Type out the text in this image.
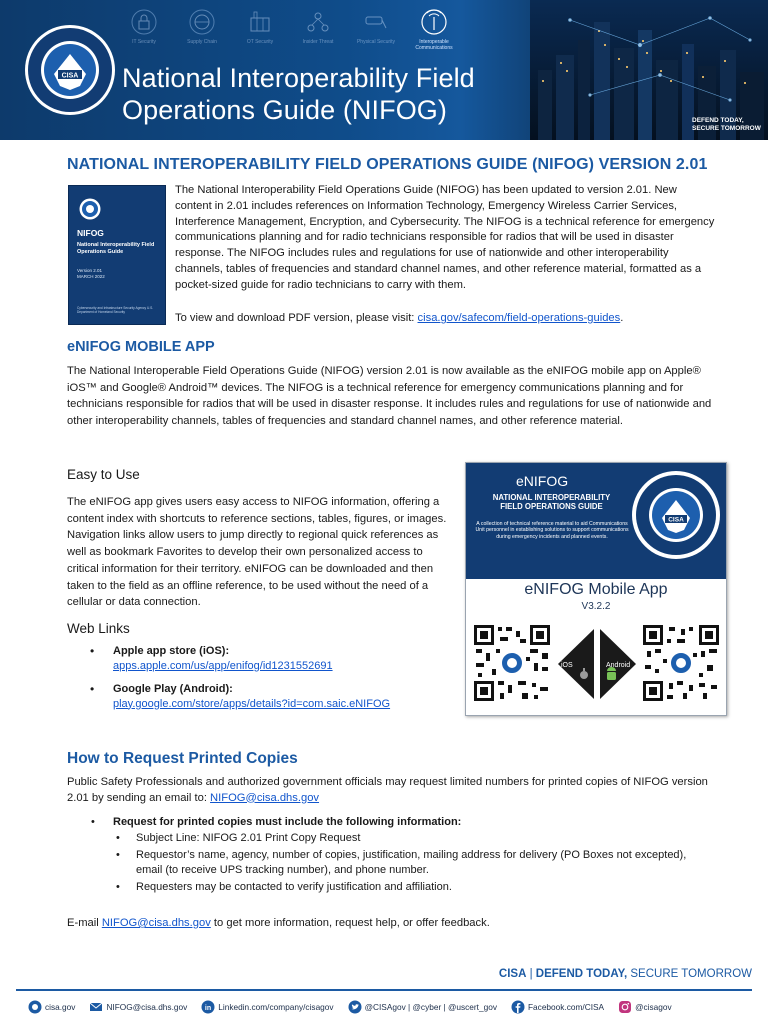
IT Security	Supply Chain	OT Security	Insider Threat	Physical Security	Interoperable Communications
CISA National Interoperability Field Operations Guide (NIFOG)	DEFEND TODAY,
SECURE TOMORROW
NATIONAL INTEROPERABILITY FIELD OPERATIONS GUIDE (NIFOG) VERSION 2.01
NIFOG
National Interoperability Field Operations Guide
Version 2.01
MARCH 2022
Cybersecurity and Infrastructure Security Agency U.S. Department of Homeland Security

The National Interoperability Field Operations Guide (NIFOG) has been updated to version 2.01. New content in 2.01 includes references on Information Technology, Emergency Wireless Carrier Services, Interference Management, Encryption, and Cybersecurity. The NIFOG is a technical reference for emergency communications planning and for radio technicians responsible for radios that will be used in disaster response. The NIFOG includes rules and regulations for use of nationwide and other interoperability channels, tables of frequencies and standard channel names, and other reference material, formatted as a pocket-sized guide for radio technicians to carry with them.

To view and download PDF version, please visit: cisa.gov/safecom/field-operations-guides.

eNIFOG MOBILE APP

The National Interoperable Field Operations Guide (NIFOG) version 2.01 is now available as the eNIFOG mobile app on Apple® iOS™ and Google® Android™ devices. The NIFOG is a technical reference for emergency communications planning and for technicians responsible for radios that will be used in disaster response. It includes rules and regulations for use of nationwide and other interoperability channels, tables of frequencies and standard channel names, and other reference material.

Easy to Use

The eNIFOG app gives users easy access to NIFOG information, offering a content index with shortcuts to reference sections, tables, figures, or images. Navigation links allow users to jump directly to regional quick references as well as bookmark Favorites to develop their own personalized access to critical information for their territory. eNIFOG can be downloaded and then taken to the field as an offline reference, to be used without the need of a cellular or data connection.

Web Links
• Apple app store (iOS):
apps.apple.com/us/app/enifog/id1231552691
• Google Play (Android):
play.google.com/store/apps/details?id=com.saic.eNIFOG
eNIFOG
NATIONAL INTEROPERABILITY FIELD OPERATIONS GUIDE
A collection of technical reference material to aid Communications Unit personnel in establishing solutions to support communications during emergency incidents and planned events.
CISA
eNIFOG Mobile App
V3.2.2
iOS	Android
How to Request Printed Copies

Public Safety Professionals and authorized government officials may request limited numbers for printed copies of NIFOG version 2.01 by sending an email to: NIFOG@cisa.dhs.gov

• Request for printed copies must include the following information:
• Subject Line: NIFOG 2.01 Print Copy Request
• Requestor’s name, agency, number of copies, justification, mailing address for delivery (PO Boxes not excepted), email (to receive UPS tracking number), and phone number.
• Requesters may be contacted to verify justification and affiliation.

E-mail NIFOG@cisa.dhs.gov to get more information, request help, or offer feedback.

CISA | DEFEND TODAY, SECURE TOMORROW
cisa.gov	NIFOG@cisa.dhs.gov	in Linkedin.com/company/cisagov	@CISAgov | @cyber | @uscert_gov	Facebook.com/CISA	@cisagov
